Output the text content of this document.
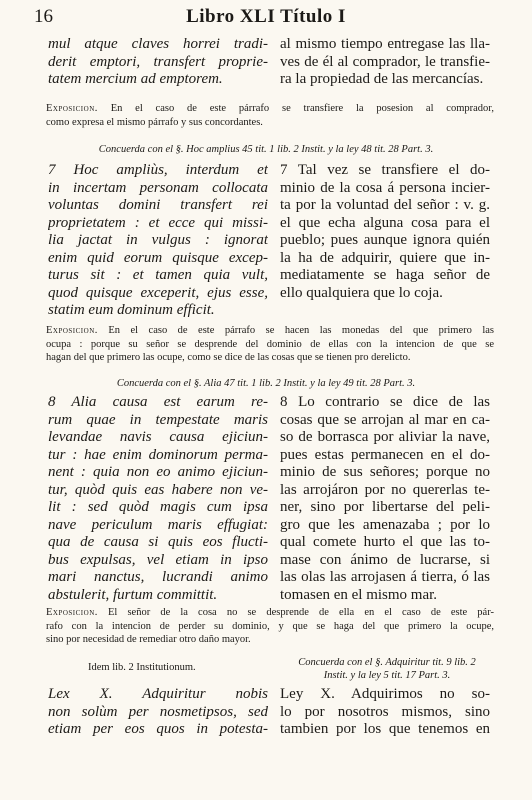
16	Libro XLI Título I
mul atque claves horrei tradi-
derit emptori, transfert proprie-
tatem mercium ad emptorem.
al mismo tiempo entregase las lla-
ves de él al comprador, le transfie-
ra la propiedad de las mercancías.
Exposicion. En el caso de este párrafo se transfiere la posesion al comprador,
como expresa el mismo párrafo y sus concordantes.
Concuerda con el §. Hoc amplius 45 tit. 1 lib. 2 Instit. y la ley 48 tit. 28 Part. 3.
7 Hoc ampliùs, interdum et
in incertam personam collocata
voluntas domini transfert rei
proprietatem : et ecce qui missi-
lia jactat in vulgus : ignorat
enim quid eorum quisque excep-
turus sit : et tamen quia vult,
quod quisque exceperit, ejus esse,
statim eum dominum efficit.
7 Tal vez se transfiere el do-
minio de la cosa á persona incier-
ta por la voluntad del señor : v. g.
el que echa alguna cosa para el
pueblo; pues aunque ignora quién
la ha de adquirir, quiere que in-
mediatamente se haga señor de
ello qualquiera que lo coja.
Exposicion. En el caso de este párrafo se hacen las monedas del que primero las
ocupa : porque su señor se desprende del dominio de ellas con la intencion de que se
hagan del que primero las ocupe, como se dice de las cosas que se tienen pro derelicto.
Concuerda con el §. Alia 47 tit. 1 lib. 2 Instit. y la ley 49 tit. 28 Part. 3.
8 Alia causa est earum re-
rum quae in tempestate maris
levandae navis causa ejiciun-
tur : hae enim dominorum perma-
nent : quia non eo animo ejiciun-
tur, quòd quis eas habere non ve-
lit : sed quòd magis cum ipsa
nave periculum maris effugiat:
qua de causa si quis eos flucti-
bus expulsas, vel etiam in ipso
mari nanctus, lucrandi animo
abstulerit, furtum committit.
8 Lo contrario se dice de las
cosas que se arrojan al mar en ca-
so de borrasca por aliviar la nave,
pues estas permanecen en el do-
minio de sus señores; porque no
las arrojáron por no quererlas te-
ner, sino por libertarse del peli-
gro que les amenazaba ; por lo
qual comete hurto el que las to-
mase con ánimo de lucrarse, si
las olas las arrojasen á tierra, ó las
tomasen en el mismo mar.
Exposicion. El señor de la cosa no se desprende de ella en el caso de este pár-
rafo con la intencion de perder su dominio, y que se haga del que primero la ocupe,
sino por necesidad de remediar otro daño mayor.
Idem lib. 2 Institutionum.	Concuerda con el §. Adquiritur tit. 9 lib. 2
Instit. y la ley 5 tit. 17 Part. 3.
Lex X. Adquiritur nobis
non solùm per nosmetipsos, sed
etiam per eos quos in potesta-
Ley X. Adquirimos no so-
lo por nosotros mismos, sino
tambien por los que tenemos en
